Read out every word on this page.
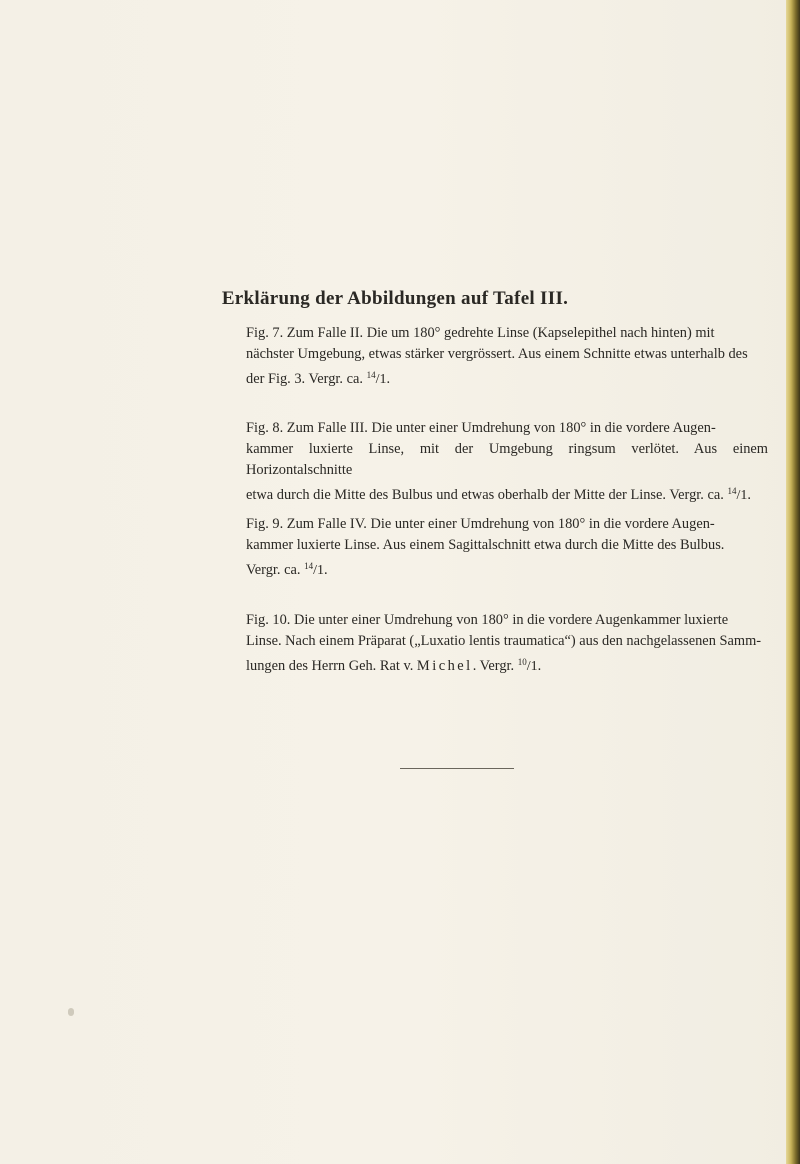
Erklärung der Abbildungen auf Tafel III.
Fig. 7. Zum Falle II. Die um 180° gedrehte Linse (Kapselepithel nach hinten) mit
nächster Umgebung, etwas stärker vergrössert. Aus einem Schnitte etwas unterhalb des
der Fig. 3. Vergr. ca. $^{14}$/1.
Fig. 8. Zum Falle III. Die unter einer Umdrehung von 180° in die vordere Augen-
kammer luxierte Linse, mit der Umgebung ringsum verlötet. Aus einem Horizontalschnitte
etwa durch die Mitte des Bulbus und etwas oberhalb der Mitte der Linse. Vergr. ca. $^{14}$/1.
Fig. 9. Zum Falle IV. Die unter einer Umdrehung von 180° in die vordere Augen-
kammer luxierte Linse. Aus einem Sagittalschnitt etwa durch die Mitte des Bulbus.
Vergr. ca. $^{14}$/1.
Fig. 10. Die unter einer Umdrehung von 180° in die vordere Augenkammer luxierte
Linse. Nach einem Präparat („Luxatio lentis traumatica“) aus den nachgelassenen Samm-
lungen des Herrn Geh. Rat v. Michel. Vergr. $^{10}$/1.
